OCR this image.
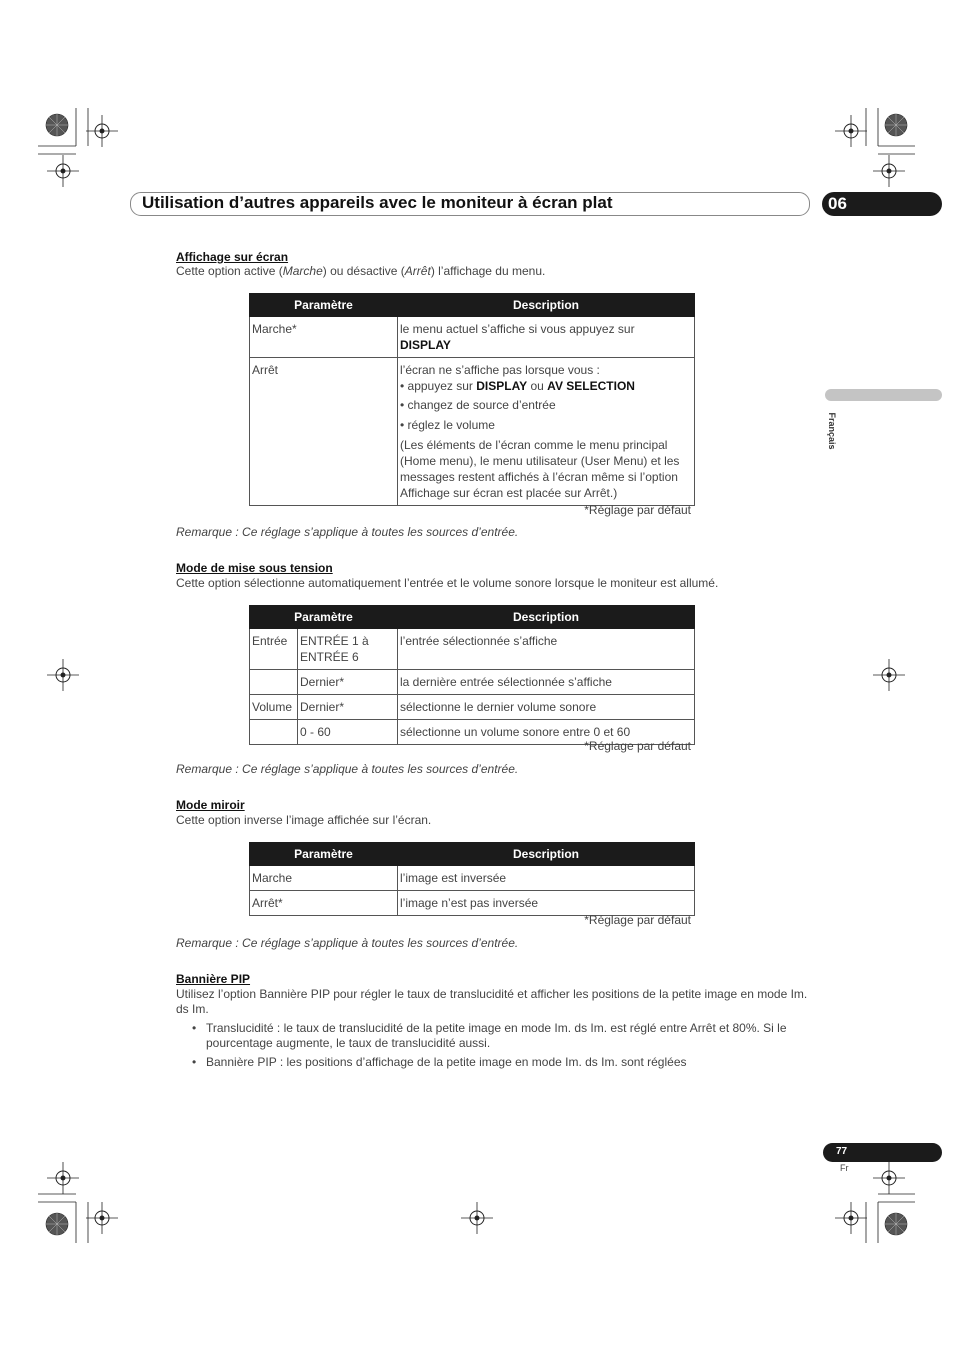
Utilisation d’autres appareils avec le moniteur à écran plat	06
Français
Affichage sur écran
Cette option active (Marche) ou désactive (Arrêt) l’affichage du menu.
Paramètre	Description
Marche*	le menu actuel s’affiche si vous appuyez sur
DISPLAY
Arrêt	l’écran ne s’affiche pas lorsque vous :
• appuyez sur DISPLAY ou AV SELECTION
• changez de source d’entrée
• réglez le volume
(Les éléments de l’écran comme le menu principal (Home menu), le menu utilisateur (User Menu) et les messages restent affichés à l’écran même si l’option Affichage sur écran est placée sur Arrêt.)
*Réglage par défaut
Remarque : Ce réglage s’applique à toutes les sources d’entrée.
Mode de mise sous tension
Cette option sélectionne automatiquement l’entrée et le volume sonore lorsque le moniteur est allumé.
Paramètre		Description
Entrée	ENTRÉE 1 à ENTRÉE 6	l’entrée sélectionnée s’affiche
	Dernier*	la dernière entrée sélectionnée s’affiche
Volume	Dernier*	sélectionne le dernier volume sonore
	0 - 60	sélectionne un volume sonore entre 0 et 60
*Réglage par défaut
Remarque : Ce réglage s’applique à toutes les sources d’entrée.
Mode miroir
Cette option inverse l’image affichée sur l’écran.
Paramètre	Description
Marche	l’image est inversée
Arrêt*	l’image n’est pas inversée
*Réglage par défaut
Remarque : Ce réglage s’applique à toutes les sources d’entrée.
Bannière PIP
Utilisez l’option Bannière PIP pour régler le taux de translucidité et afficher les positions de la petite image en mode Im. ds Im.
• Translucidité : le taux de translucidité de la petite image en mode Im. ds Im. est réglé entre Arrêt et 80%. Si le pourcentage augmente, le taux de translucidité aussi.
• Bannière PIP : les positions d’affichage de la petite image en mode Im. ds Im. sont réglées
77
Fr
